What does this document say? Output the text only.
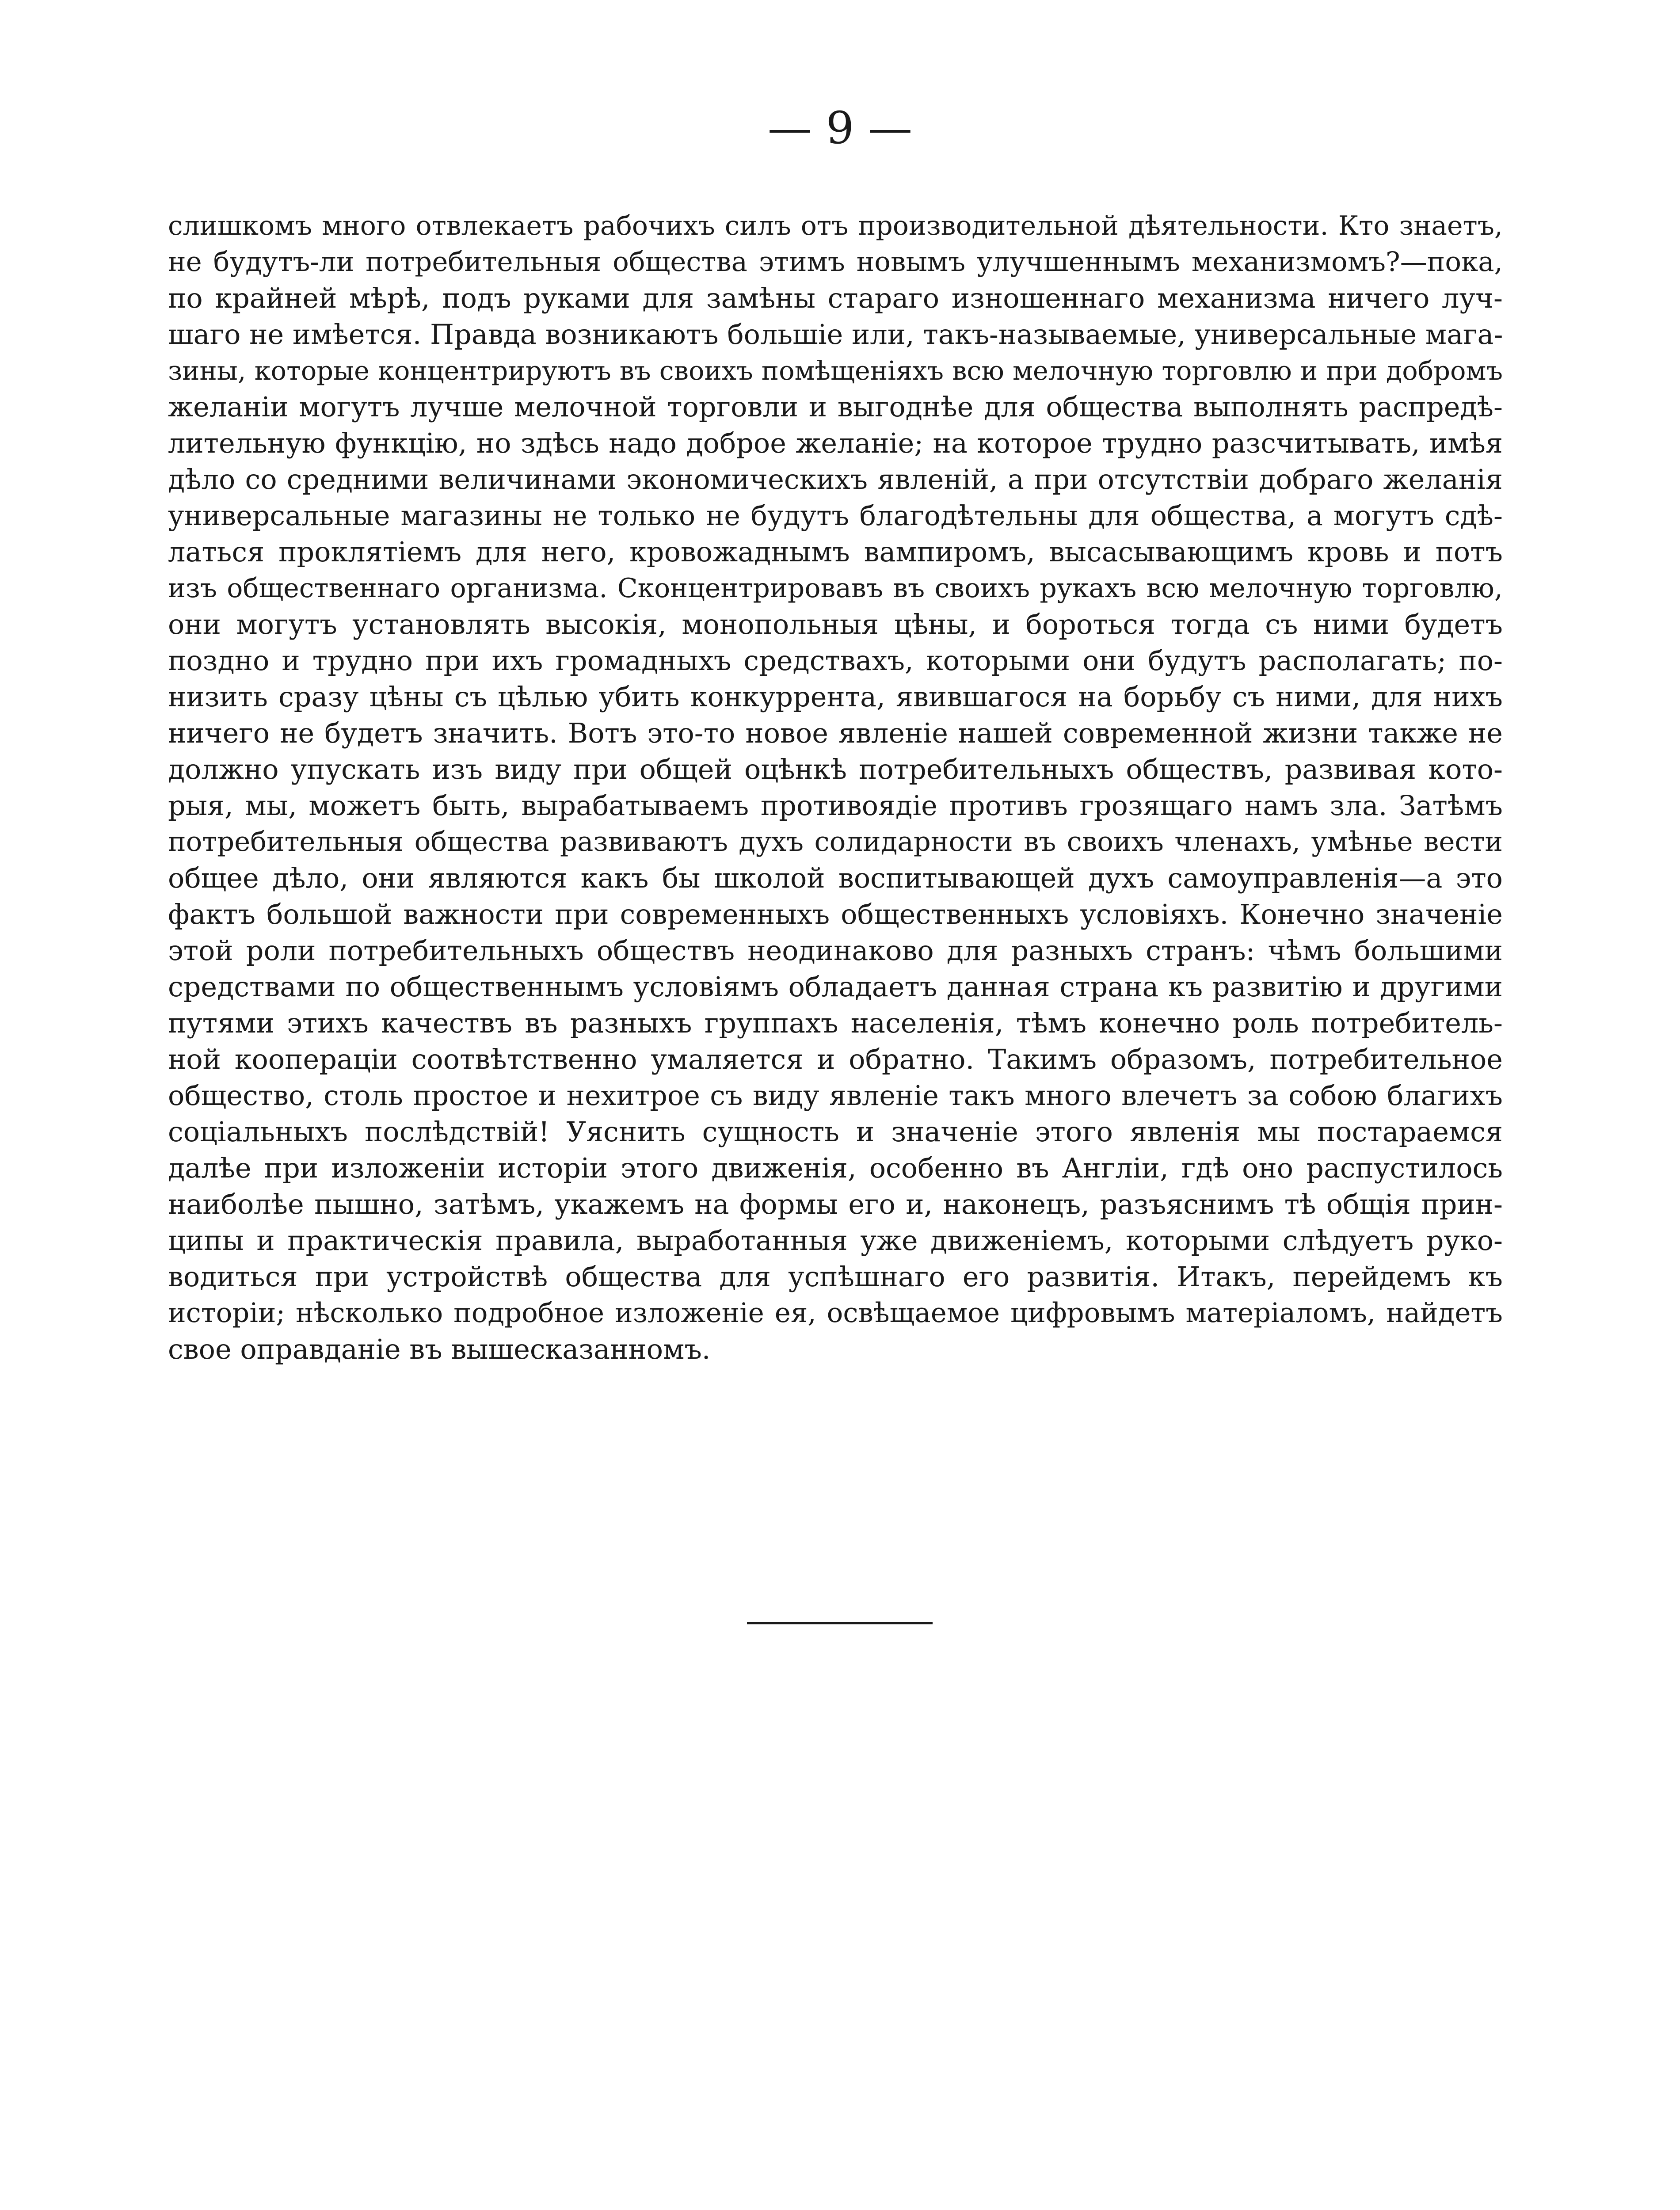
— 9 —
слишкомъ много отвлекаетъ рабочихъ силъ отъ производительной дѣятельности. Кто знаетъ,
не будутъ-ли потребительныя общества этимъ новымъ улучшеннымъ механизмомъ?—пока,
по крайней мѣрѣ, подъ руками для замѣны стараго изношеннаго механизма ничего луч-
шаго не имѣется. Правда возникаютъ большіе или, такъ-называемые, универсальные мага-
зины, которые концентрируютъ въ своихъ помѣщеніяхъ всю мелочную торговлю и при добромъ
желаніи могутъ лучше мелочной торговли и выгоднѣе для общества выполнять распредѣ-
лительную функцію, но здѣсь надо доброе желаніе; на которое трудно разсчитывать, имѣя
дѣло со средними величинами экономическихъ явленій, а при отсутствіи добраго желанія
универсальные магазины не только не будутъ благодѣтельны для общества, а могутъ сдѣ-
латься проклятіемъ для него, кровожаднымъ вампиромъ, высасывающимъ кровь и потъ
изъ общественнаго организма. Сконцентрировавъ въ своихъ рукахъ всю мелочную торговлю,
они могутъ установлять высокія, монопольныя цѣны, и бороться тогда съ ними будетъ
поздно и трудно при ихъ громадныхъ средствахъ, которыми они будутъ располагать; по-
низить сразу цѣны съ цѣлью убить конкуррента, явившагося на борьбу съ ними, для нихъ
ничего не будетъ значить. Вотъ это-то новое явленіе нашей современной жизни также не
должно упускать изъ виду при общей оцѣнкѣ потребительныхъ обществъ, развивая кото-
рыя, мы, можетъ быть, вырабатываемъ противоядіе противъ грозящаго намъ зла. Затѣмъ
потребительныя общества развиваютъ духъ солидарности въ своихъ членахъ, умѣнье вести
общее дѣло, они являются какъ бы школой воспитывающей духъ самоуправленія—а это
фактъ большой важности при современныхъ общественныхъ условіяхъ. Конечно значеніе
этой роли потребительныхъ обществъ неодинаково для разныхъ странъ: чѣмъ большими
средствами по общественнымъ условіямъ обладаетъ данная страна къ развитію и другими
путями этихъ качествъ въ разныхъ группахъ населенія, тѣмъ конечно роль потребитель-
ной коопераціи соотвѣтственно умаляется и обратно. Такимъ образомъ, потребительное
общество, столь простое и нехитрое съ виду явленіе такъ много влечетъ за собою благихъ
соціальныхъ послѣдствій! Уяснить сущность и значеніе этого явленія мы постараемся
далѣе при изложеніи исторіи этого движенія, особенно въ Англіи, гдѣ оно распустилось
наиболѣе пышно, затѣмъ, укажемъ на формы его и, наконецъ, разъяснимъ тѣ общія прин-
ципы и практическія правила, выработанныя уже движеніемъ, которыми слѣдуетъ руко-
водиться при устройствѣ общества для успѣшнаго его развитія. Итакъ, перейдемъ къ
исторіи; нѣсколько подробное изложеніе ея, освѣщаемое цифровымъ матеріаломъ, найдетъ
свое оправданіе въ вышесказанномъ.
